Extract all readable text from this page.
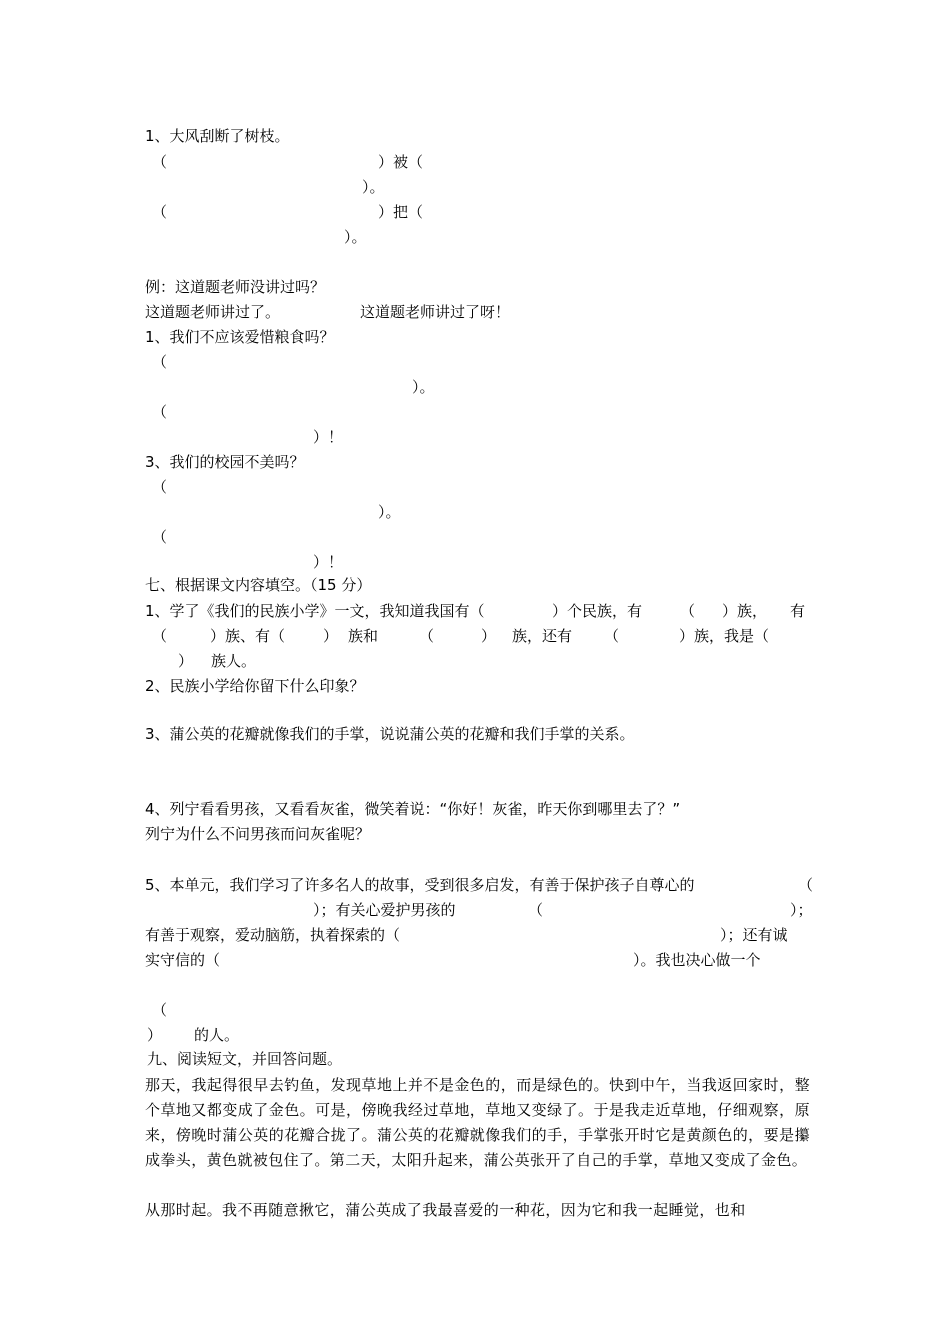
1、大风刮断了树枝。
（	）被（
）。
（	）把（
）。
例：这道题老师没讲过吗？
这道题老师讲过了。	这道题老师讲过了呀！
1、我们不应该爱惜粮食吗？
（
）。
（
）！
3、我们的校园不美吗？
（
）。
（
）！
七、根据课文内容填空。（15 分）
1、学了《我们的民族小学》一文，我知道我国有（	）个民族，有	（ ）族， 有
（	）族、有（	） 族和	（	） 族，还有 （	）族，我是（
） 族人。
2、民族小学给你留下什么印象？
3、蒲公英的花瓣就像我们的手掌，说说蒲公英的花瓣和我们手掌的关系。
4、列宁看看男孩，又看看灰雀，微笑着说：“你好！灰雀，昨天你到哪里去了？”
列宁为什么不问男孩而问灰雀呢？
5、本单元，我们学习了许多名人的故事，受到很多启发，有善于保护孩子自尊心的	（
）；有关心爱护男孩的	（	）；
有善于观察，爱动脑筋，执着探索的（	）；还有诚
实守信的（	）。我也决心做一个
（
） 的人。
九、阅读短文，并回答问题。
那天，我起得很早去钓鱼，发现草地上并不是金色的，而是绿色的。快到中午，当我返回家时，整个草地又都变成了金色。可是，傍晚我经过草地，草地又变绿了。于是我走近草地，仔细观察，原来，傍晚时蒲公英的花瓣合拢了。蒲公英的花瓣就像我们的手，手掌张开时它是黄颜色的，要是攥成拳头，黄色就被包住了。第二天，太阳升起来，蒲公英张开了自己的手掌，草地又变成了金色。
从那时起。我不再随意揪它，蒲公英成了我最喜爱的一种花，因为它和我一起睡觉，也和
